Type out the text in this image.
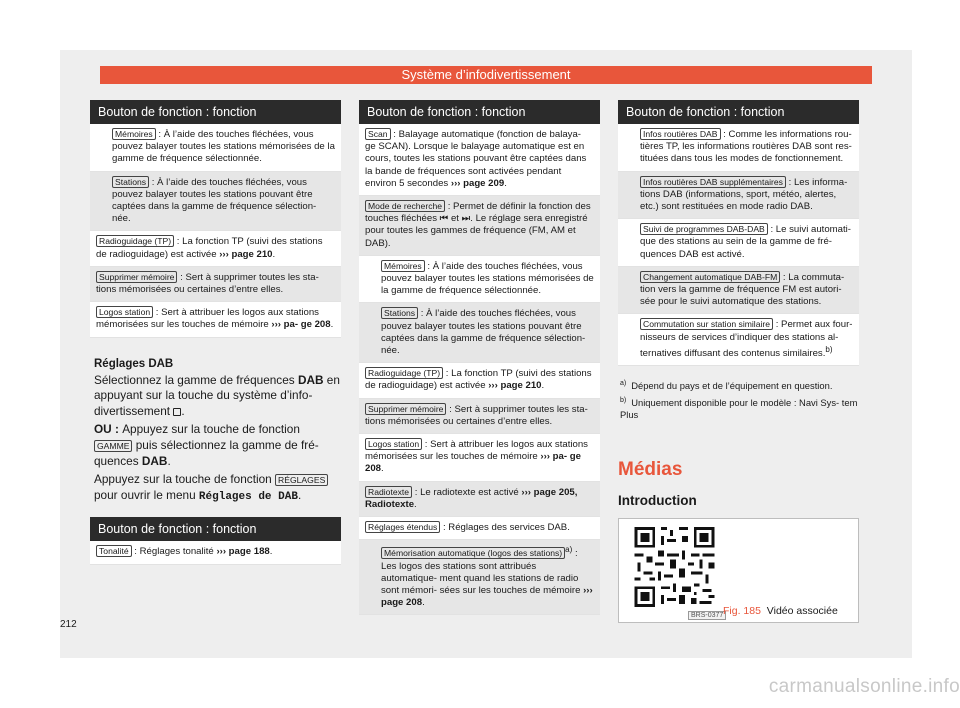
Système d’infodivertissement
Bouton de fonction : fonction
Mémoires : À l’aide des touches fléchées, vous pouvez balayer toutes les stations mémorisées de la gamme de fréquence sélectionnée.
Stations : À l’aide des touches fléchées, vous pouvez balayer toutes les stations pouvant être captées dans la gamme de fréquence sélection- née.
Radioguidage (TP) : La fonction TP (suivi des stations de radioguidage) est activée ››› page 210.
Supprimer mémoire : Sert à supprimer toutes les sta- tions mémorisées ou certaines d’entre elles.
Logos station : Sert à attribuer les logos aux stations mémorisées sur les touches de mémoire ››› pa- ge 208.
Réglages DAB
Sélectionnez la gamme de fréquences DAB en appuyant sur la touche du système d’info- divertissement .
OU : Appuyez sur la touche de fonction GAMME puis sélectionnez la gamme de fré- quences DAB.
Appuyez sur la touche de fonction RÉGLAGES pour ouvrir le menu Réglages de DAB.
Bouton de fonction : fonction
Tonalité : Réglages tonalité ››› page 188.
Bouton de fonction : fonction
Scan : Balayage automatique (fonction de balaya- ge SCAN). Lorsque le balayage automatique est en cours, toutes les stations pouvant être captées dans la bande de fréquences sont activées pendant environ 5 secondes ››› page 209.
Mode de recherche : Permet de définir la fonction des touches fléchées ⏮ et ⏭. Le réglage sera enregistré pour toutes les gammes de fréquence (FM, AM et DAB).
Mémoires : À l’aide des touches fléchées, vous pouvez balayer toutes les stations mémorisées de la gamme de fréquence sélectionnée.
Stations : À l’aide des touches fléchées, vous pouvez balayer toutes les stations pouvant être captées dans la gamme de fréquence sélection- née.
Radioguidage (TP) : La fonction TP (suivi des stations de radioguidage) est activée ››› page 210.
Supprimer mémoire : Sert à supprimer toutes les sta- tions mémorisées ou certaines d’entre elles.
Logos station : Sert à attribuer les logos aux stations mémorisées sur les touches de mémoire ››› pa- ge 208.
Radiotexte : Le radiotexte est activé ››› page 205, Radiotexte.
Réglages étendus : Réglages des services DAB.
Mémorisation automatique (logos des stations) $^{a)}$ : Les logos des stations sont attribués automatique- ment quand les stations de radio sont mémori- sées sur les touches de mémoire ››› page 208.
Bouton de fonction : fonction
Infos routières DAB : Comme les informations rou- tières TP, les informations routières DAB sont res- tituées dans tous les modes de fonctionnement.
Infos routières DAB supplémentaires : Les informa- tions DAB (informations, sport, météo, alertes, etc.) sont restituées en mode radio DAB.
Suivi de programmes DAB-DAB : Le suivi automati- que des stations au sein de la gamme de fré- quences DAB est activé.
Changement automatique DAB-FM : La commuta- tion vers la gamme de fréquence FM est autori- sée pour le suivi automatique des stations.
Commutation sur station similaire : Permet aux four- nisseurs de services d’indiquer des stations al- ternatives diffusant des contenus similaires.$^{b)}$
$^{a)}$ Dépend du pays et de l’équipement en question.
$^{b)}$ Uniquement disponible pour le modèle : Navi Sys- tem Plus
Médias
Introduction
BRS-0377 Fig. 185 Vidéo associée
212
carmanualsonline.info
